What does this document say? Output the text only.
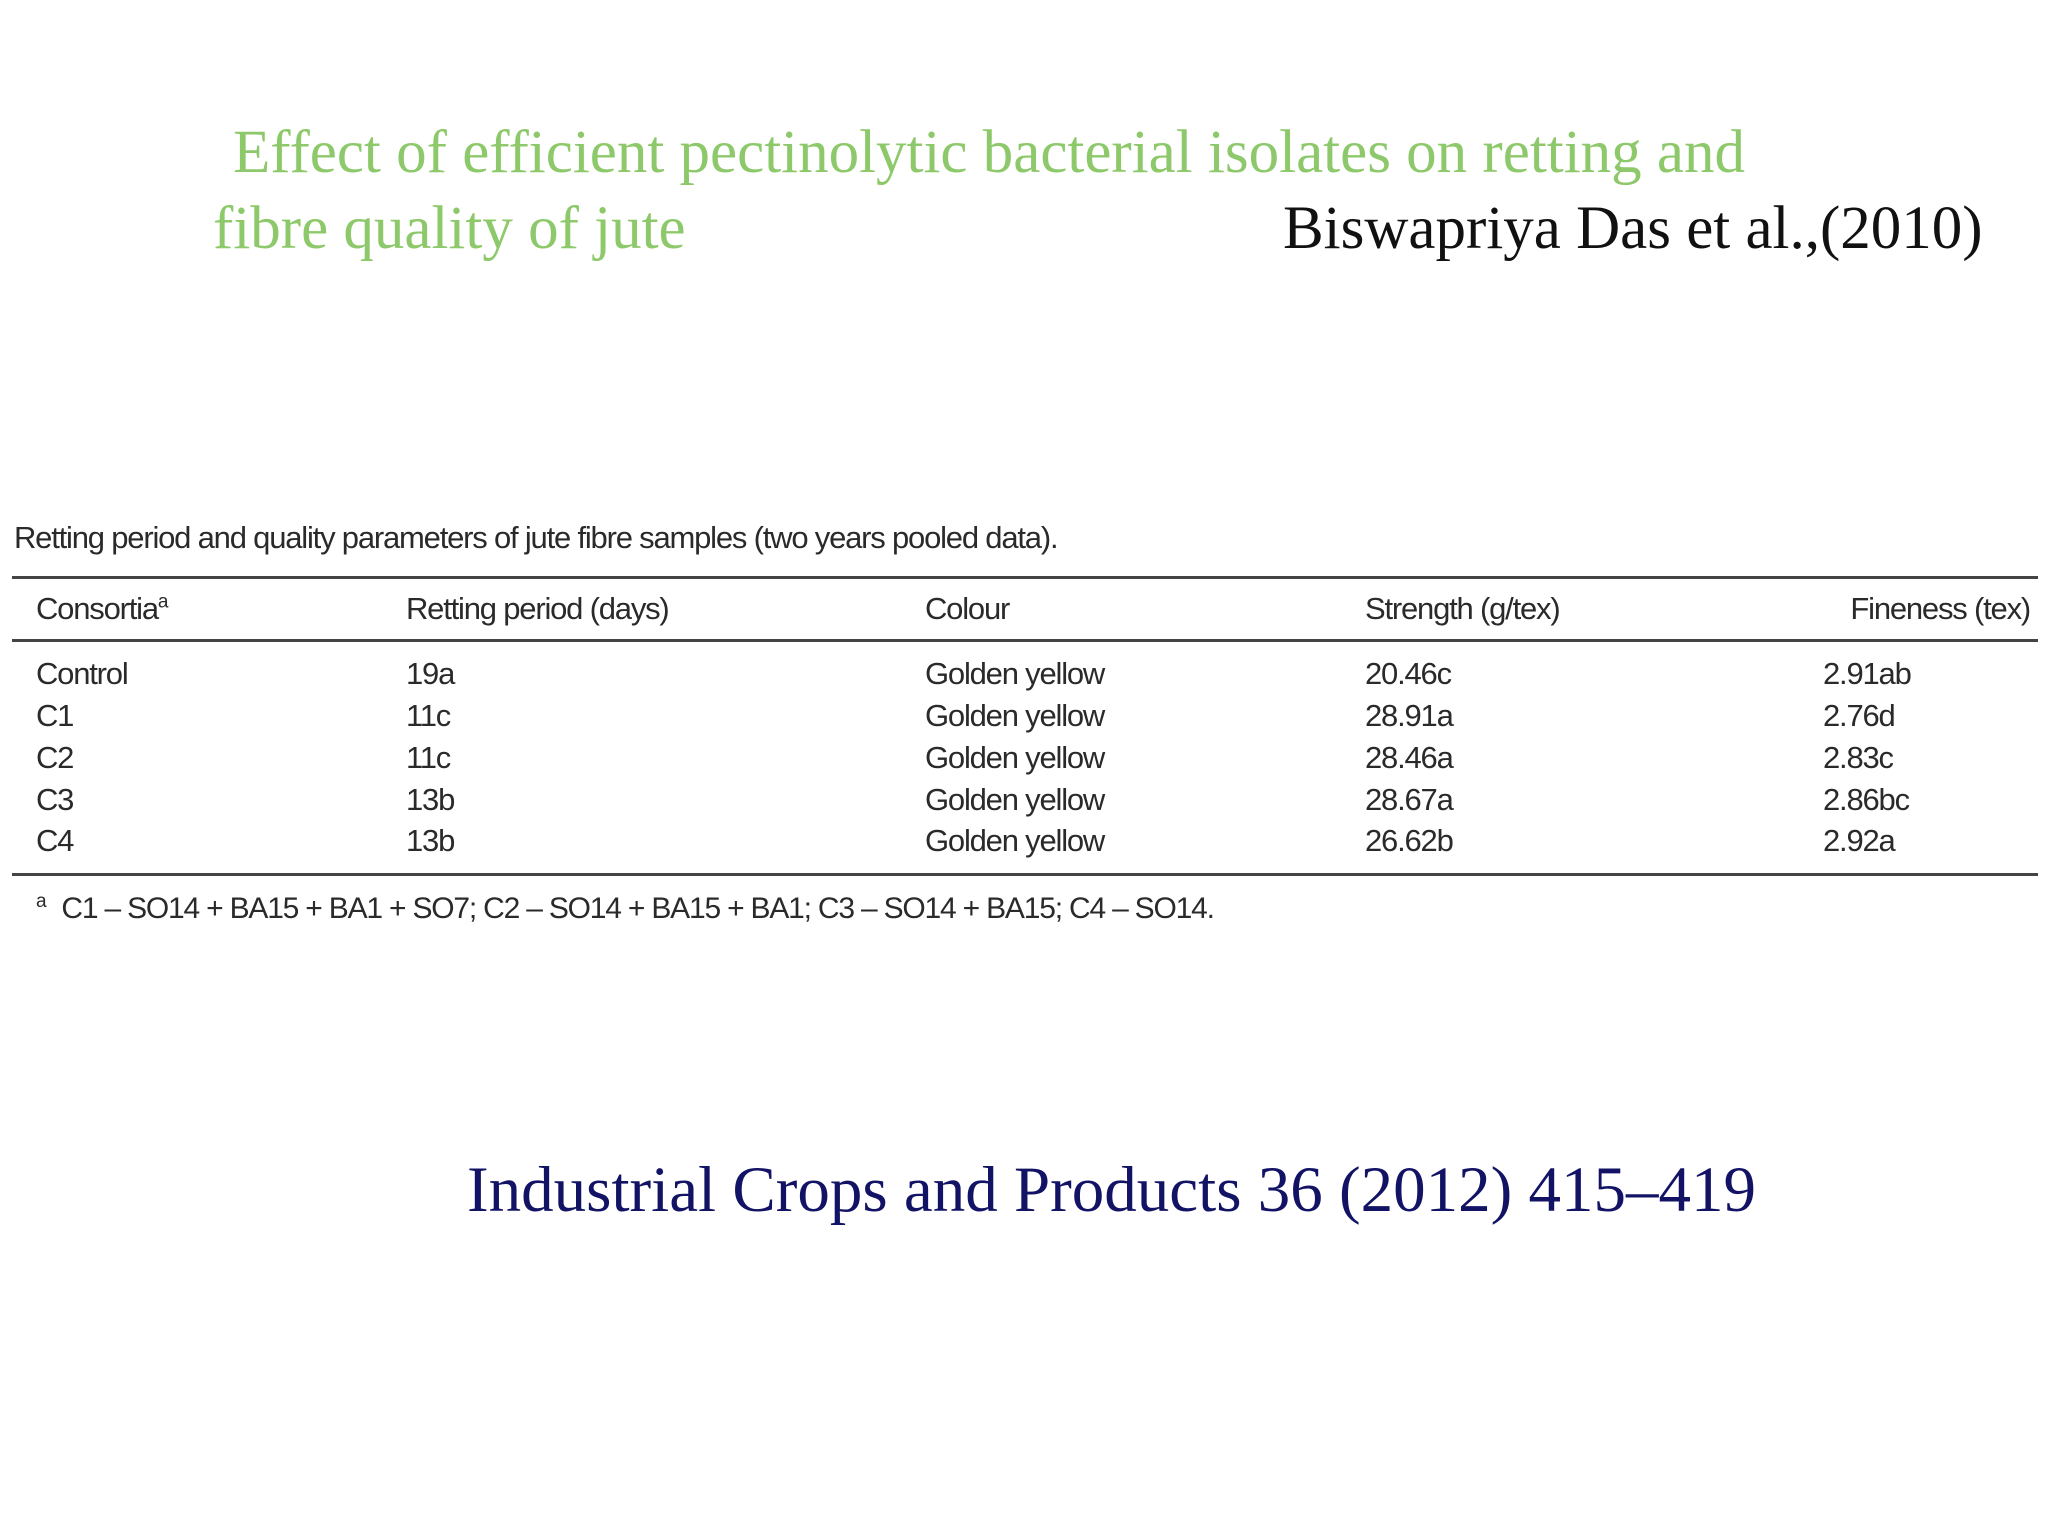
Effect of efficient pectinolytic bacterial isolates on retting and
fibre quality of jute	Biswapriya Das et al.,(2010)
Retting period and quality parameters of jute fibre samples (two years pooled data).
Consortia$^a$	Retting period (days)	Colour	Strength (g/tex)	Fineness (tex)
Control	19a	Golden yellow	20.46c	2.91ab
C1	11c	Golden yellow	28.91a	2.76d
C2	11c	Golden yellow	28.46a	2.83c
C3	13b	Golden yellow	28.67a	2.86bc
C4	13b	Golden yellow	26.62b	2.92a
$^a$ C1 – SO14 + BA15 + BA1 + SO7; C2 – SO14 + BA15 + BA1; C3 – SO14 + BA15; C4 – SO14.
Industrial Crops and Products 36 (2012) 415–419
